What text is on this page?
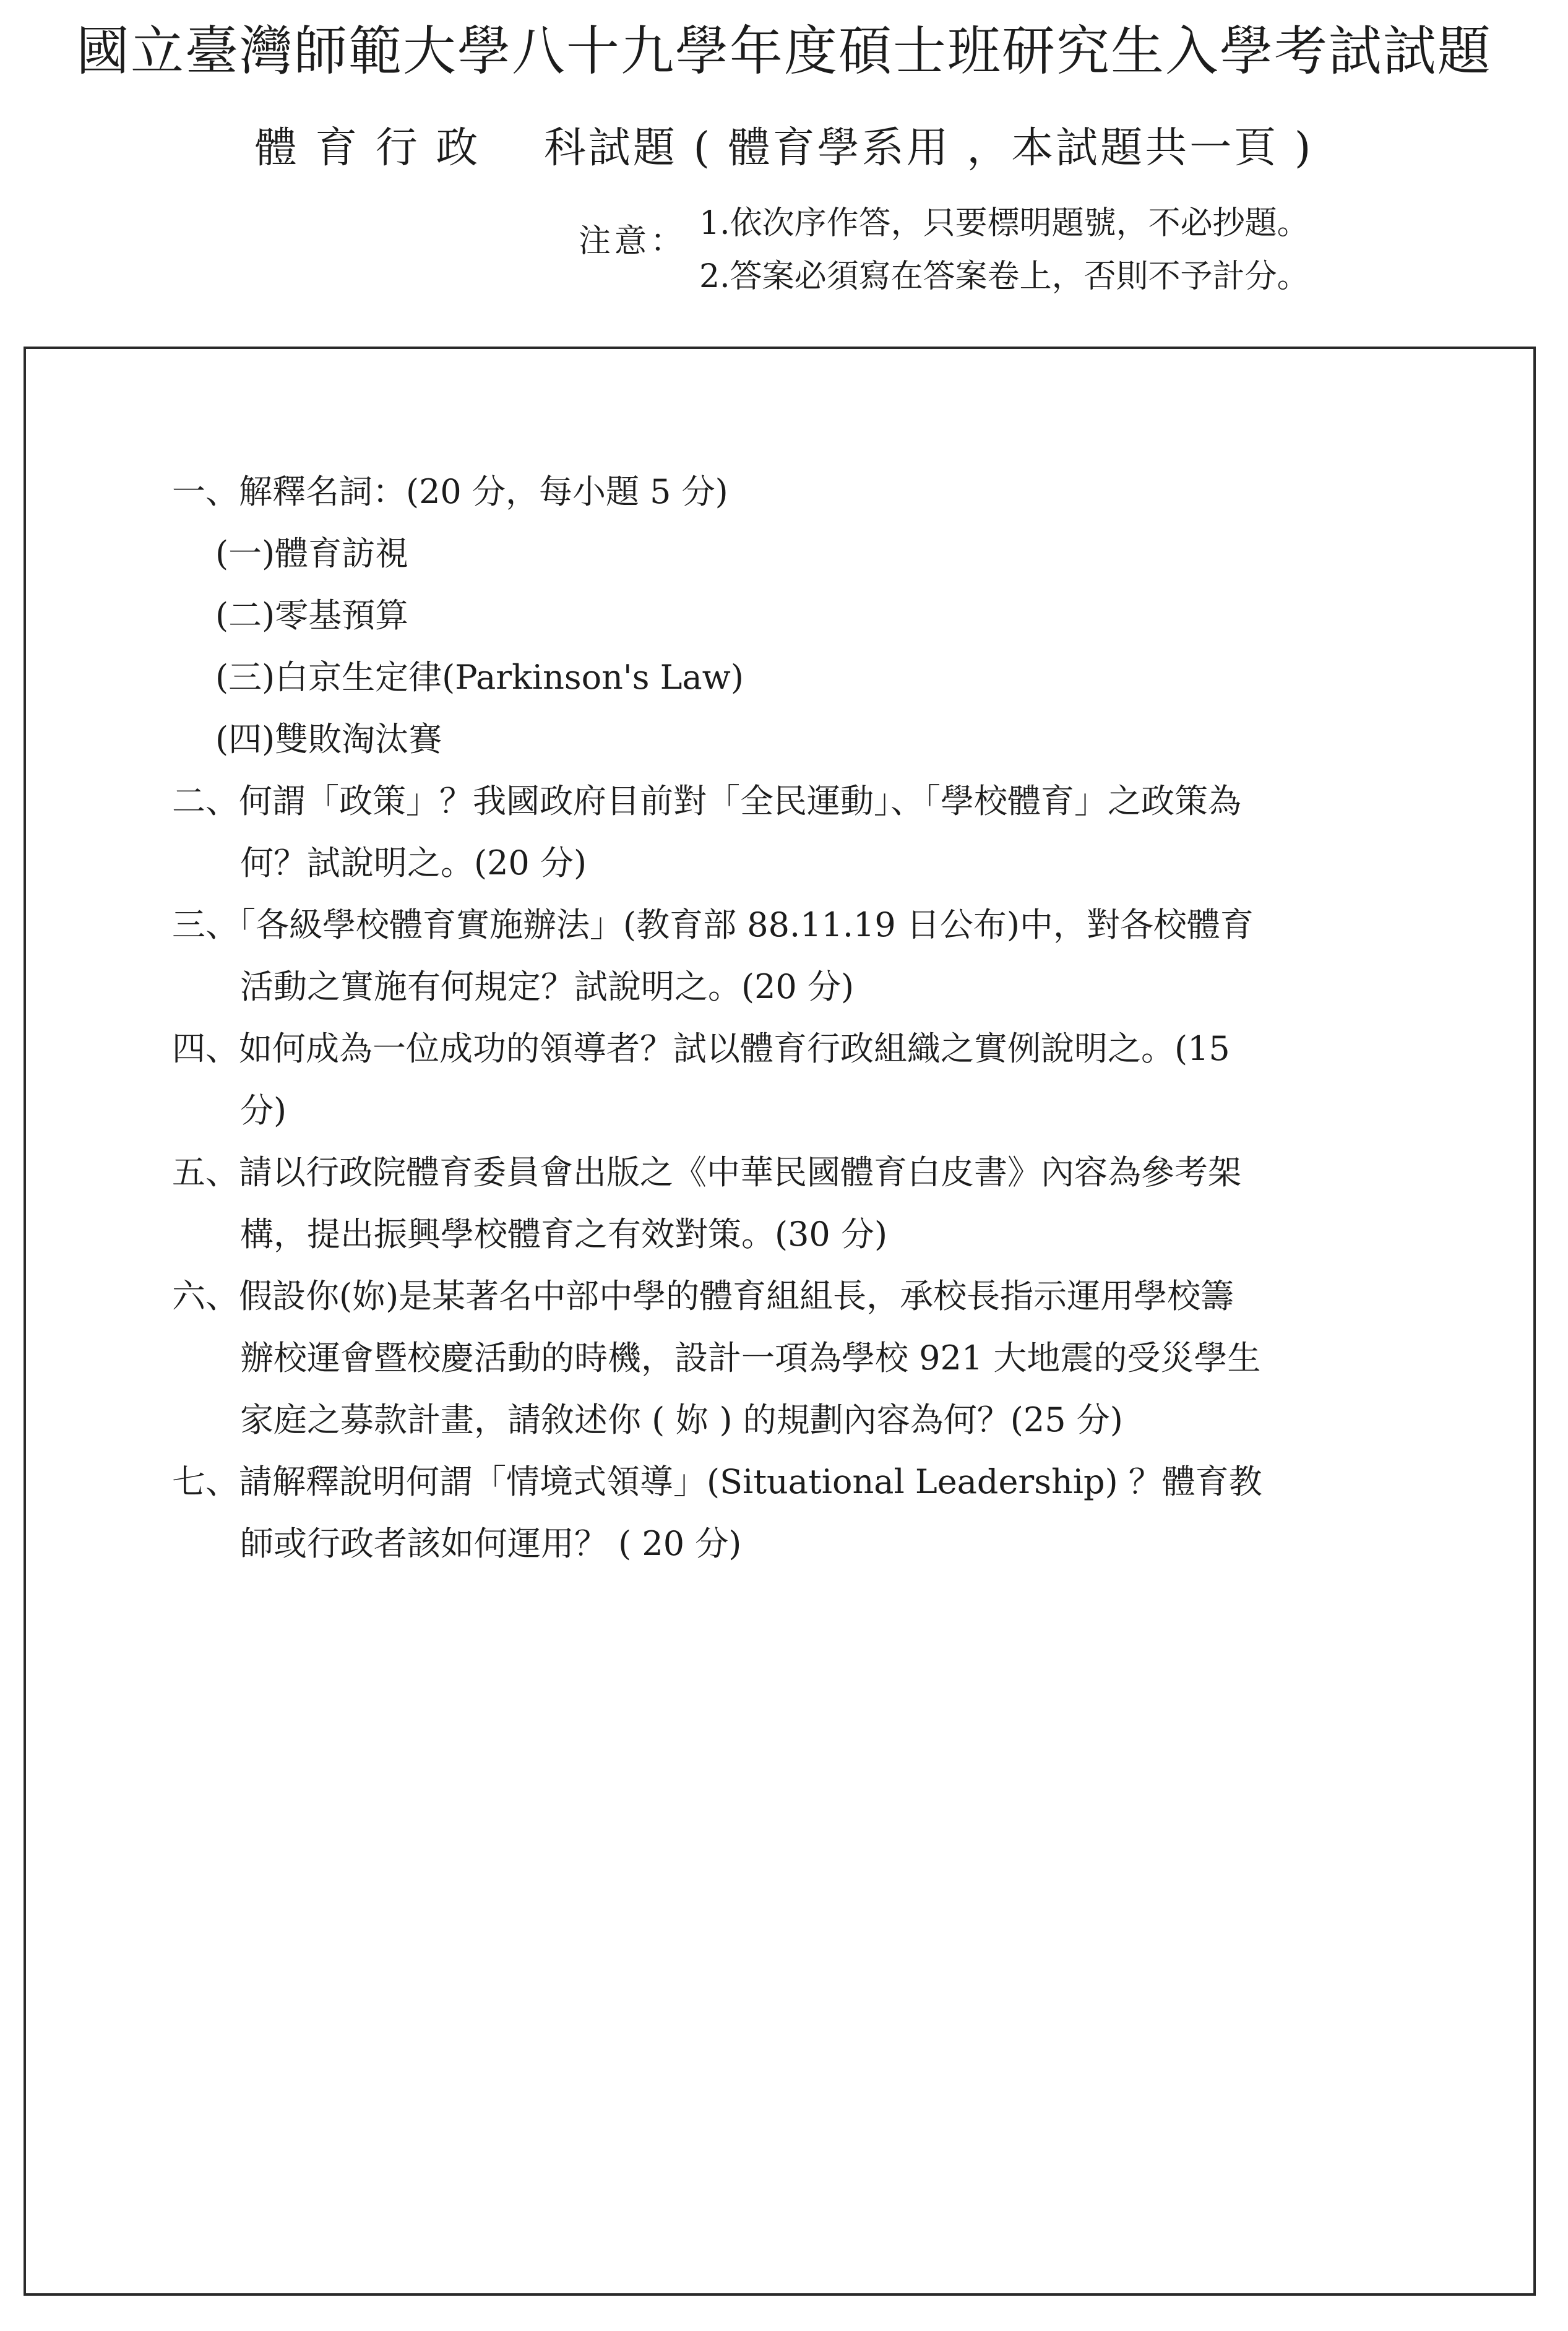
國立臺灣師範大學八十九學年度碩士班研究生入學考試試題
體 育 行 政    科試題 ( 體育學系用 ，本試題共一頁 )
注意： 1.依次序作答，只要標明題號，不必抄題。
2.答案必須寫在答案卷上，否則不予計分。
一、解釋名詞：(20 分，每小題 5 分)
(一)體育訪視
(二)零基預算
(三)白京生定律(Parkinson's Law)
(四)雙敗淘汰賽
二、何謂「政策」？我國政府目前對「全民運動」、「學校體育」之政策為
何？試說明之。(20 分)
三、「各級學校體育實施辦法」(教育部 88.11.19 日公布)中，對各校體育
活動之實施有何規定？試說明之。(20 分)
四、如何成為一位成功的領導者？試以體育行政組織之實例說明之。(15
分)
五、請以行政院體育委員會出版之《中華民國體育白皮書》內容為參考架
構，提出振興學校體育之有效對策。(30 分)
六、假設你(妳)是某著名中部中學的體育組組長，承校長指示運用學校籌
辦校運會暨校慶活動的時機，設計一項為學校 921 大地震的受災學生
家庭之募款計畫，請敘述你 ( 妳 ) 的規劃內容為何？(25 分)
七、請解釋說明何謂「情境式領導」(Situational Leadership) ？體育教
師或行政者該如何運用？ ( 20 分)
